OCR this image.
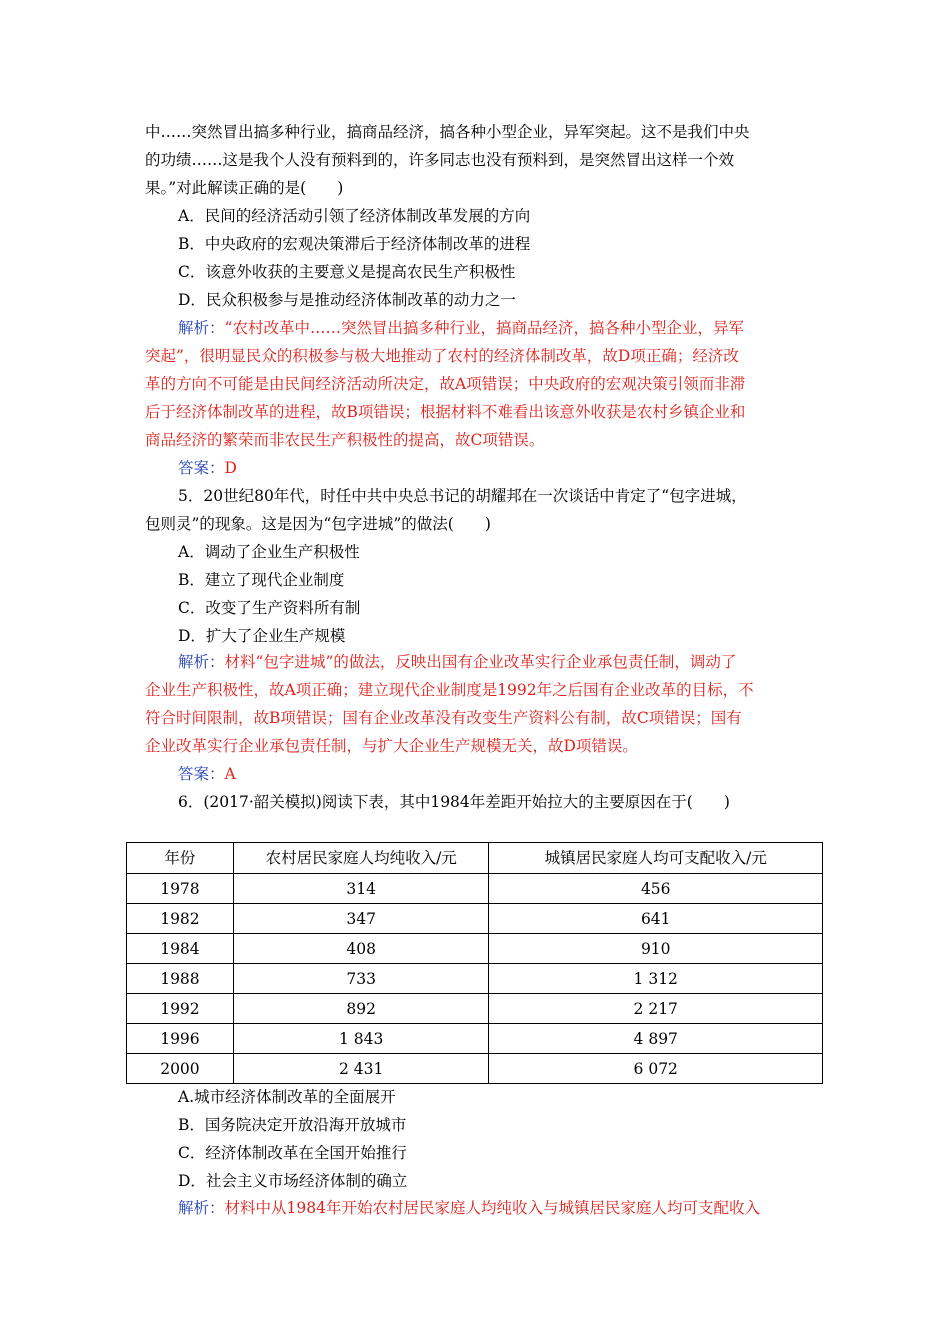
中……突然冒出搞多种行业，搞商品经济，搞各种小型企业，异军突起。这不是我们中央
的功绩……这是我个人没有预料到的，许多同志也没有预料到，是突然冒出这样一个效
果。”对此解读正确的是(　　)
A．民间的经济活动引领了经济体制改革发展的方向
B．中央政府的宏观决策滞后于经济体制改革的进程
C．该意外收获的主要意义是提高农民生产积极性
D．民众积极参与是推动经济体制改革的动力之一
解析：“农村改革中……突然冒出搞多种行业，搞商品经济，搞各种小型企业，异军
突起”，很明显民众的积极参与极大地推动了农村的经济体制改革，故D项正确；经济改
革的方向不可能是由民间经济活动所决定，故A项错误；中央政府的宏观决策引领而非滞
后于经济体制改革的进程，故B项错误；根据材料不难看出该意外收获是农村乡镇企业和
商品经济的繁荣而非农民生产积极性的提高，故C项错误。
答案：D
5．20世纪80年代，时任中共中央总书记的胡耀邦在一次谈话中肯定了“包字进城，
包则灵”的现象。这是因为“包字进城”的做法(　　)
A．调动了企业生产积极性
B．建立了现代企业制度
C．改变了生产资料所有制
D．扩大了企业生产规模
解析：材料“包字进城”的做法，反映出国有企业改革实行企业承包责任制，调动了
企业生产积极性，故A项正确；建立现代企业制度是1992年之后国有企业改革的目标，不
符合时间限制，故B项错误；国有企业改革没有改变生产资料公有制，故C项错误；国有
企业改革实行企业承包责任制，与扩大企业生产规模无关，故D项错误。
答案：A
6．(2017·韶关模拟)阅读下表，其中1984年差距开始拉大的主要原因在于(　　)
年份	农村居民家庭人均纯收入/元	城镇居民家庭人均可支配收入/元
1978	314	456
1982	347	641
1984	408	910
1988	733	1 312
1992	892	2 217
1996	1 843	4 897
2000	2 431	6 072
A.城市经济体制改革的全面展开
B．国务院决定开放沿海开放城市
C．经济体制改革在全国开始推行
D．社会主义市场经济体制的确立
解析：材料中从1984年开始农村居民家庭人均纯收入与城镇居民家庭人均可支配收入
